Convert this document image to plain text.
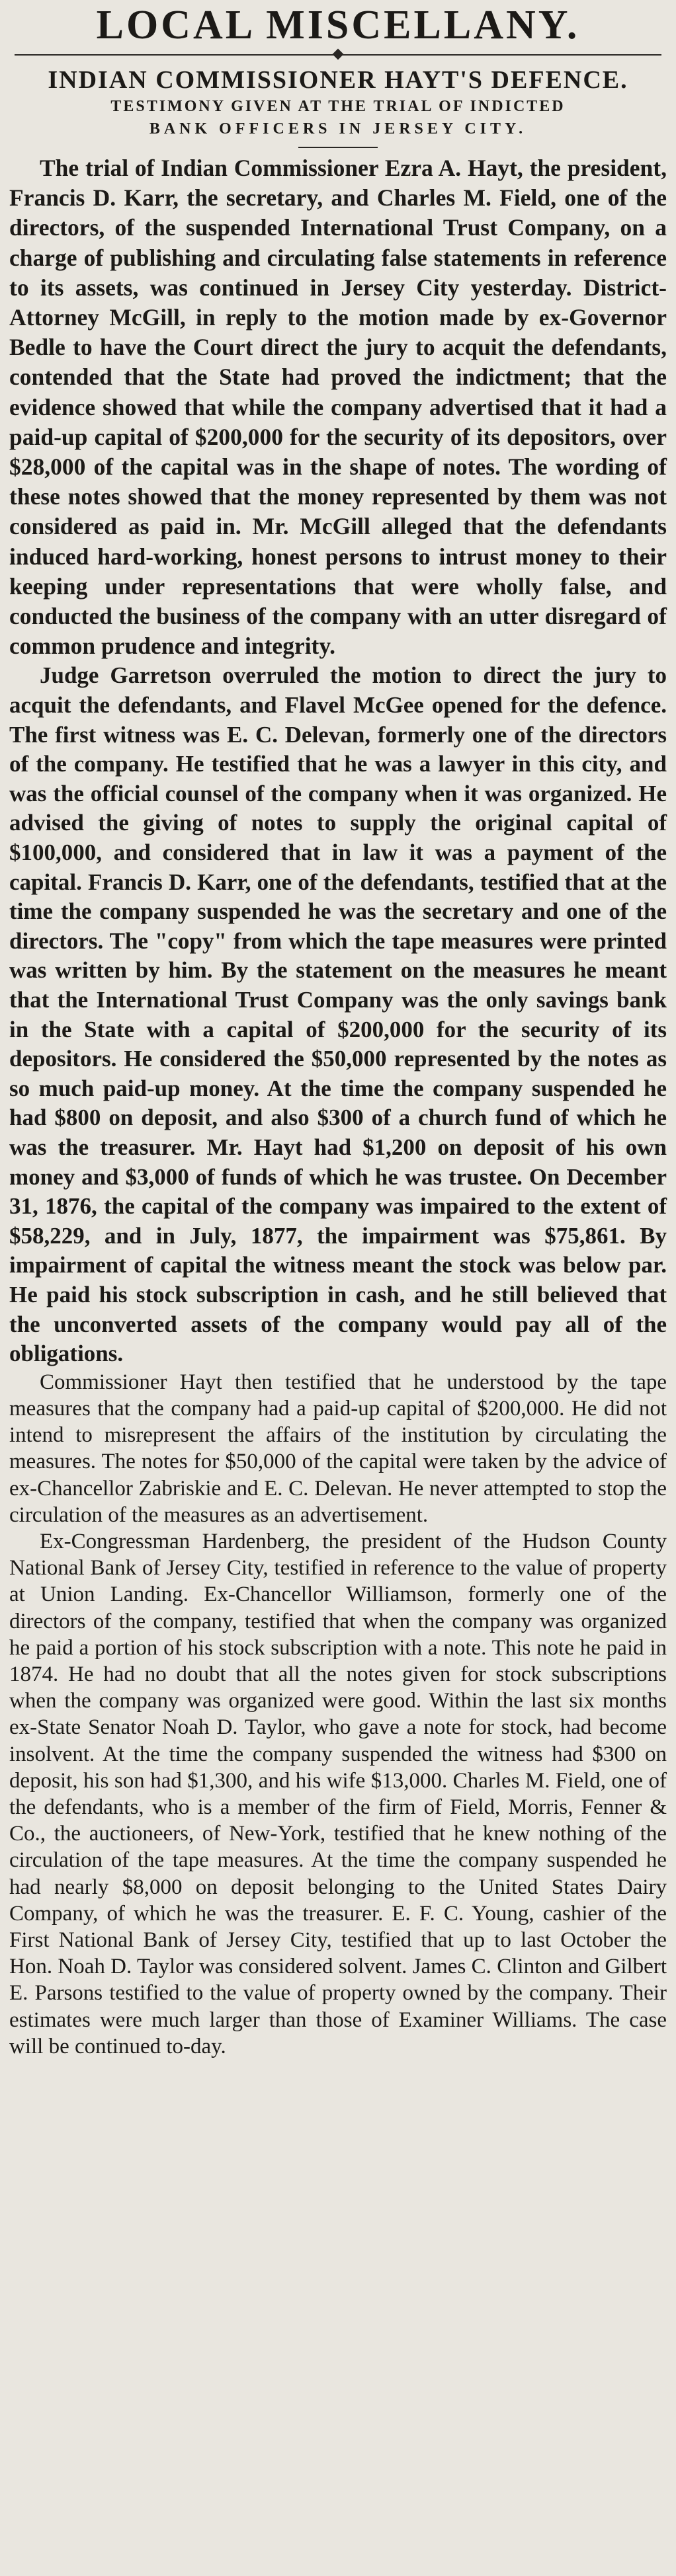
LOCAL MISCELLANY.
INDIAN COMMISSIONER HAYT'S DEFENCE.
TESTIMONY GIVEN AT THE TRIAL OF INDICTED
BANK OFFICERS IN JERSEY CITY.

The trial of Indian Commissioner Ezra A. Hayt, the president, Francis D. Karr, the secretary, and Charles M. Field, one of the directors, of the suspended International Trust Company, on a charge of publishing and circulating false statements in reference to its assets, was continued in Jersey City yesterday. District-Attorney McGill, in reply to the motion made by ex-Governor Bedle to have the Court direct the jury to acquit the defendants, contended that the State had proved the indictment; that the evidence showed that while the company advertised that it had a paid-up capital of $200,000 for the security of its depositors, over $28,000 of the capital was in the shape of notes. The wording of these notes showed that the money represented by them was not considered as paid in. Mr. McGill alleged that the defendants induced hard-working, honest persons to intrust money to their keeping under representations that were wholly false, and conducted the business of the company with an utter disregard of common prudence and integrity.

Judge Garretson overruled the motion to direct the jury to acquit the defendants, and Flavel McGee opened for the defence. The first witness was E. C. Delevan, formerly one of the directors of the company. He testified that he was a lawyer in this city, and was the official counsel of the company when it was organized. He advised the giving of notes to supply the original capital of $100,000, and considered that in law it was a payment of the capital. Francis D. Karr, one of the defendants, testified that at the time the company suspended he was the secretary and one of the directors. The "copy" from which the tape measures were printed was written by him. By the statement on the measures he meant that the International Trust Company was the only savings bank in the State with a capital of $200,000 for the security of its depositors. He considered the $50,000 represented by the notes as so much paid-up money. At the time the company suspended he had $800 on deposit, and also $300 of a church fund of which he was the treasurer. Mr. Hayt had $1,200 on deposit of his own money and $3,000 of funds of which he was trustee. On December 31, 1876, the capital of the company was impaired to the extent of $58,229, and in July, 1877, the impairment was $75,861. By impairment of capital the witness meant the stock was below par. He paid his stock subscription in cash, and he still believed that the unconverted assets of the company would pay all of the obligations.

Commissioner Hayt then testified that he understood by the tape measures that the company had a paid-up capital of $200,000. He did not intend to misrepresent the affairs of the institution by circulating the measures. The notes for $50,000 of the capital were taken by the advice of ex-Chancellor Zabriskie and E. C. Delevan. He never attempted to stop the circulation of the measures as an advertisement.

Ex-Congressman Hardenberg, the president of the Hudson County National Bank of Jersey City, testified in reference to the value of property at Union Landing. Ex-Chancellor Williamson, formerly one of the directors of the company, testified that when the company was organized he paid a portion of his stock subscription with a note. This note he paid in 1874. He had no doubt that all the notes given for stock subscriptions when the company was organized were good. Within the last six months ex-State Senator Noah D. Taylor, who gave a note for stock, had become insolvent. At the time the company suspended the witness had $300 on deposit, his son had $1,300, and his wife $13,000. Charles M. Field, one of the defendants, who is a member of the firm of Field, Morris, Fenner & Co., the auctioneers, of New-York, testified that he knew nothing of the circulation of the tape measures. At the time the company suspended he had nearly $8,000 on deposit belonging to the United States Dairy Company, of which he was the treasurer. E. F. C. Young, cashier of the First National Bank of Jersey City, testified that up to last October the Hon. Noah D. Taylor was considered solvent. James C. Clinton and Gilbert E. Parsons testified to the value of property owned by the company. Their estimates were much larger than those of Examiner Williams. The case will be continued to-day.
